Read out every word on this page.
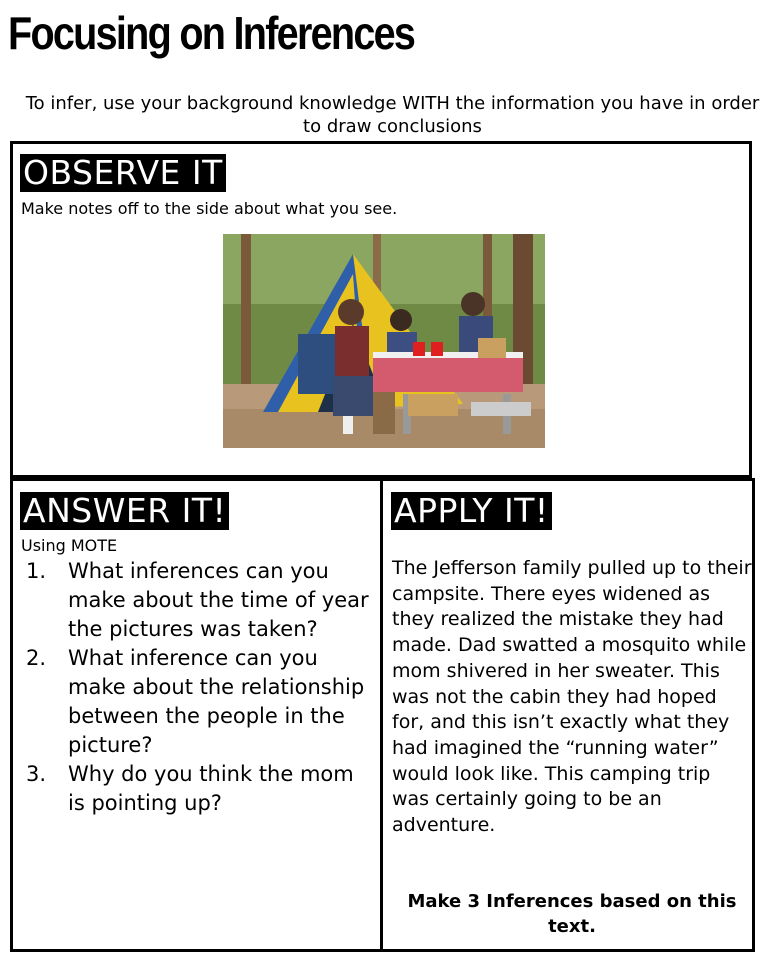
Focusing on Inferences
To infer, use your background knowledge WITH the information you have in order to draw conclusions
OBSERVE IT
Make notes off to the side about what you see.
ANSWER IT!
Using MOTE
1. What inferences can you make about the time of year the pictures was taken?
2. What inference can you make about the relationship between the people in the picture?
3. Why do you think the mom is pointing up?
APPLY IT!
The Jefferson family pulled up to their campsite. There eyes widened as they realized the mistake they had made. Dad swatted a mosquito while mom shivered in her sweater. This was not the cabin they had hoped for, and this isn’t exactly what they had imagined the “running water” would look like. This camping trip was certainly going to be an adventure.
Make 3 Inferences based on this text.
